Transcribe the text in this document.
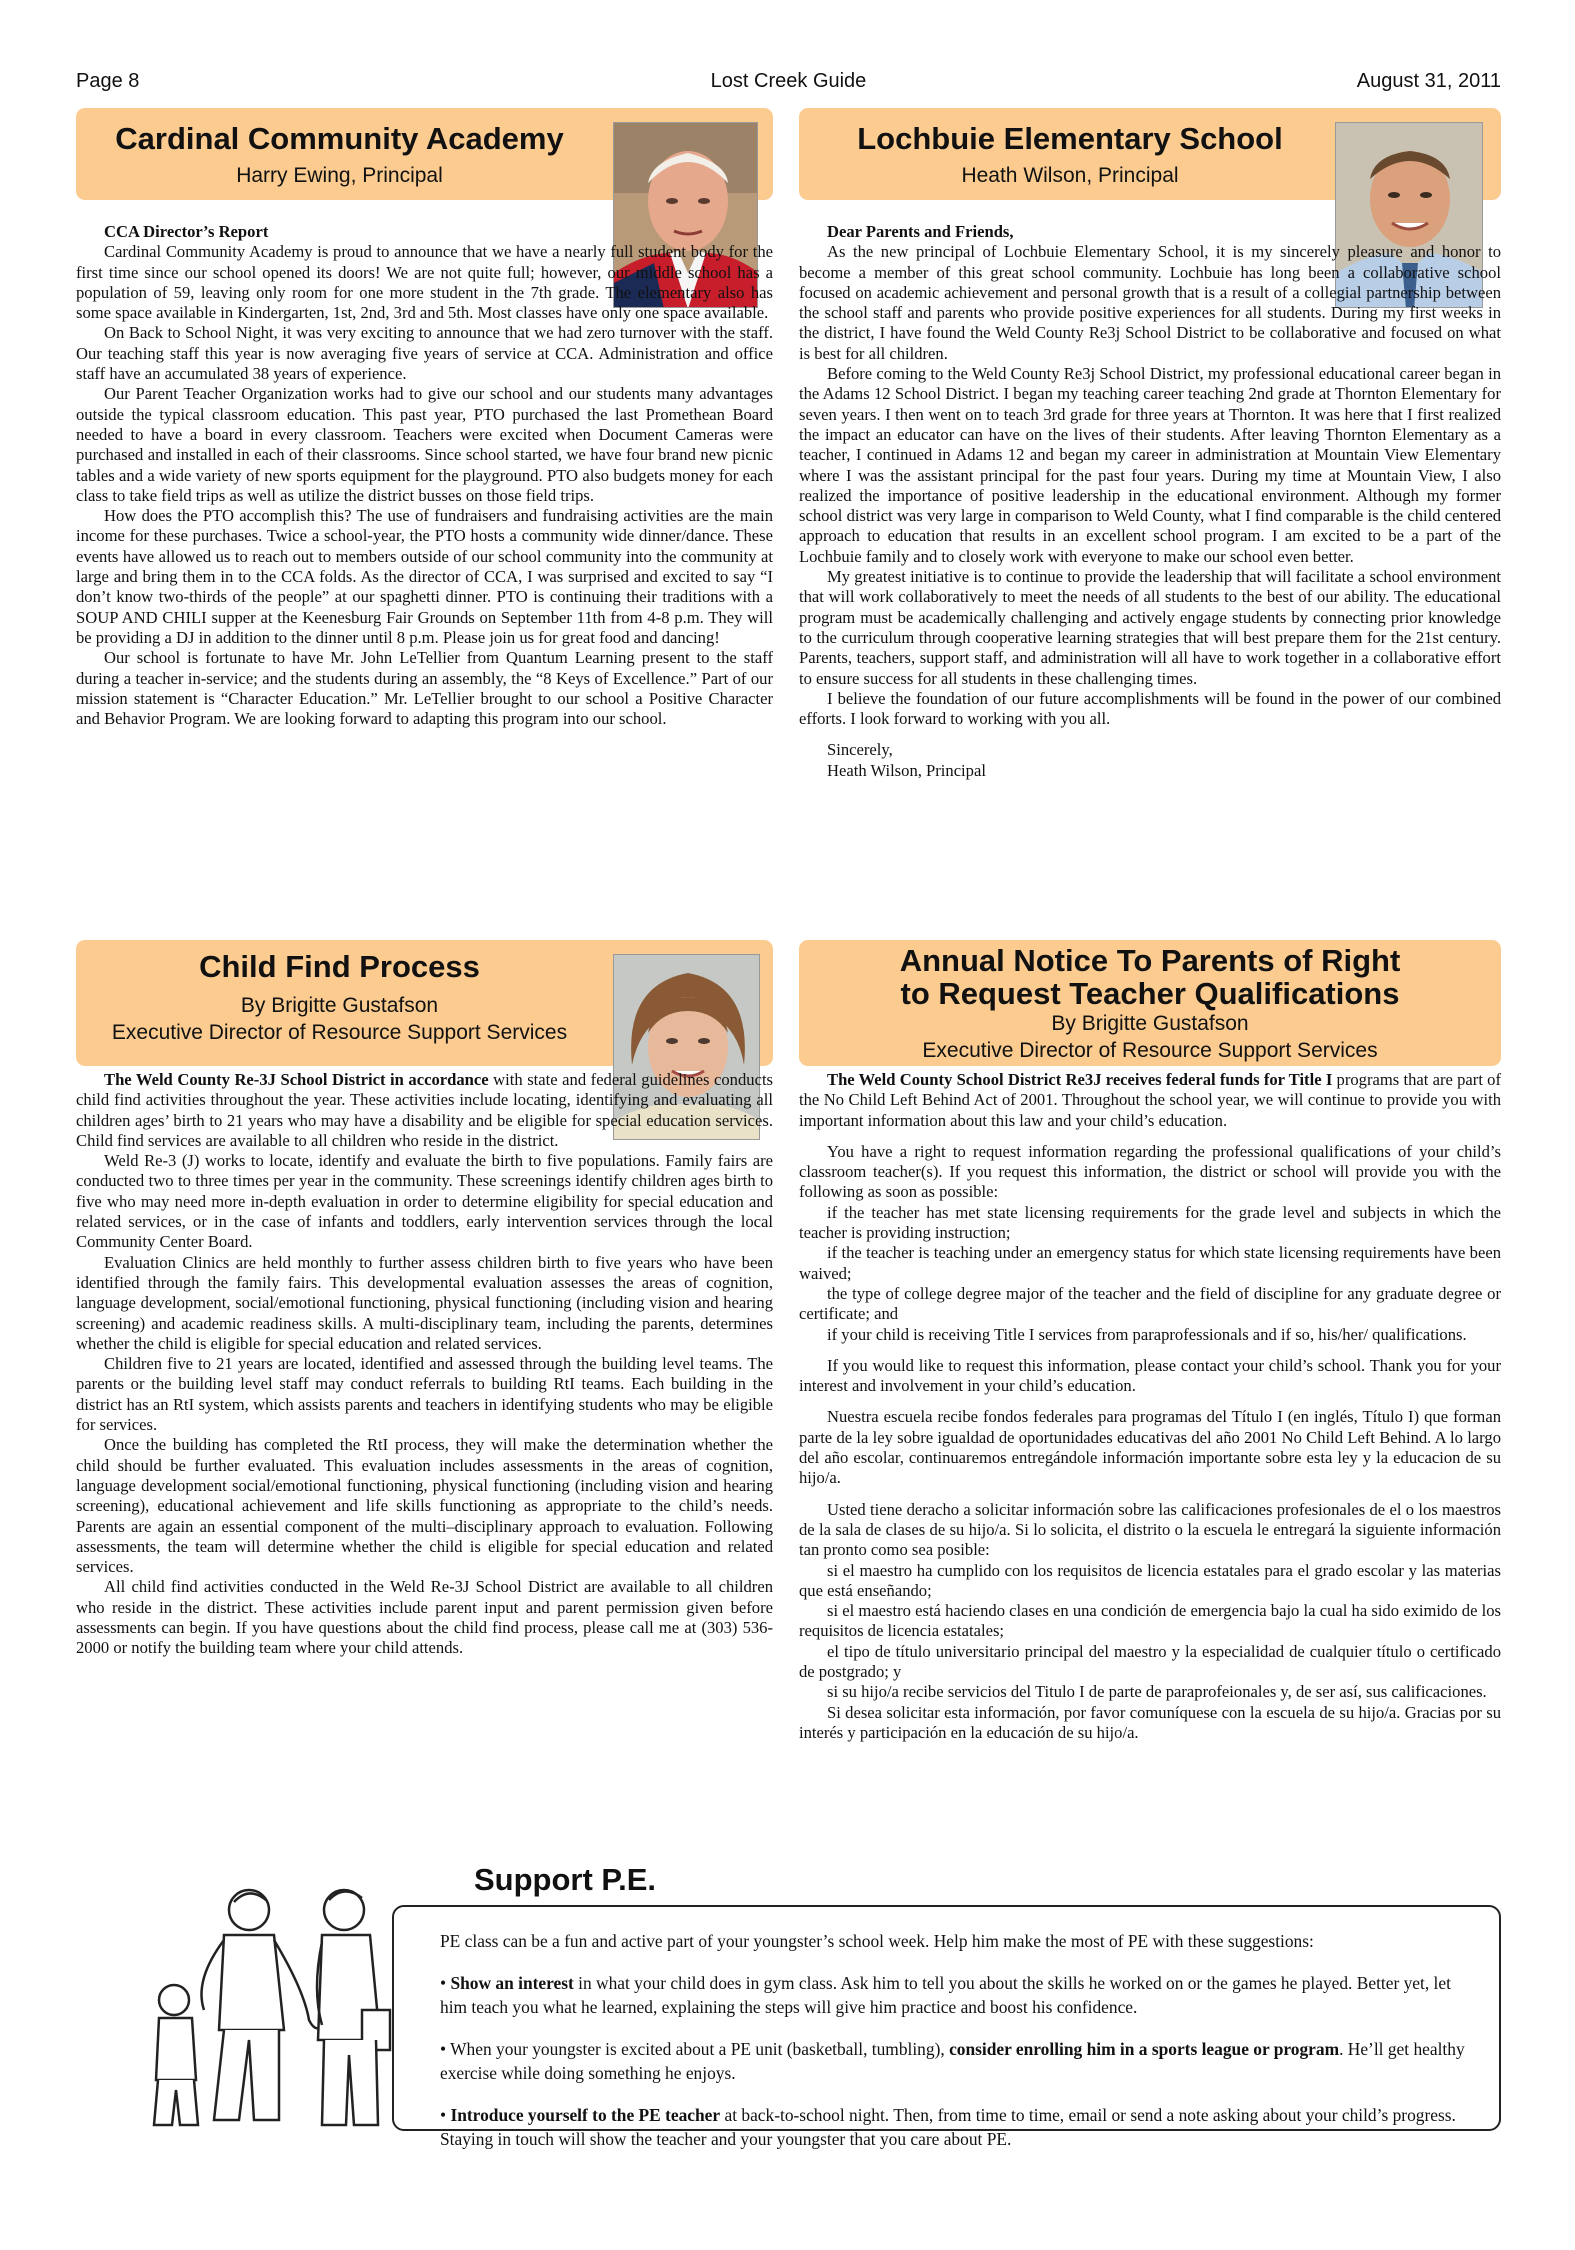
Page 8	Lost Creek Guide	August 31, 2011
Cardinal Community Academy
Harry Ewing, Principal

CCA Director’s Report

Cardinal Community Academy is proud to announce that we have a nearly full student body for the first time since our school opened its doors! We are not quite full; however, our middle school has a population of 59, leaving only room for one more student in the 7th grade. The elementary also has some space available in Kindergarten, 1st, 2nd, 3rd and 5th. Most classes have only one space available.

On Back to School Night, it was very exciting to announce that we had zero turnover with the staff. Our teaching staff this year is now averaging five years of service at CCA. Administration and office staff have an accumulated 38 years of experience.

Our Parent Teacher Organization works had to give our school and our students many advantages outside the typical classroom education. This past year, PTO purchased the last Promethean Board needed to have a board in every classroom. Teachers were excited when Document Cameras were purchased and installed in each of their classrooms. Since school started, we have four brand new picnic tables and a wide variety of new sports equipment for the playground. PTO also budgets money for each class to take field trips as well as utilize the district busses on those field trips.

How does the PTO accomplish this? The use of fundraisers and fundraising activities are the main income for these purchases. Twice a school-year, the PTO hosts a community wide dinner/dance. These events have allowed us to reach out to members outside of our school community into the community at large and bring them in to the CCA folds. As the director of CCA, I was surprised and excited to say “I don’t know two-thirds of the people” at our spaghetti dinner. PTO is continuing their traditions with a SOUP AND CHILI supper at the Keenesburg Fair Grounds on September 11th from 4-8 p.m. They will be providing a DJ in addition to the dinner until 8 p.m. Please join us for great food and dancing!

Our school is fortunate to have Mr. John LeTellier from Quantum Learning present to the staff during a teacher in-service; and the students during an assembly, the “8 Keys of Excellence.” Part of our mission statement is “Character Education.” Mr. LeTellier brought to our school a Positive Character and Behavior Program. We are looking forward to adapting this program into our school.

Lochbuie Elementary School
Heath Wilson, Principal

Dear Parents and Friends,

As the new principal of Lochbuie Elementary School, it is my sincerely pleasure and honor to become a member of this great school community. Lochbuie has long been a collaborative school focused on academic achievement and personal growth that is a result of a collegial partnership between the school staff and parents who provide positive experiences for all students. During my first weeks in the district, I have found the Weld County Re3j School District to be collaborative and focused on what is best for all children.

Before coming to the Weld County Re3j School District, my professional educational career began in the Adams 12 School District. I began my teaching career teaching 2nd grade at Thornton Elementary for seven years. I then went on to teach 3rd grade for three years at Thornton. It was here that I first realized the impact an educator can have on the lives of their students. After leaving Thornton Elementary as a teacher, I continued in Adams 12 and began my career in administration at Mountain View Elementary where I was the assistant principal for the past four years. During my time at Mountain View, I also realized the importance of positive leadership in the educational environment. Although my former school district was very large in comparison to Weld County, what I find comparable is the child centered approach to education that results in an excellent school program. I am excited to be a part of the Lochbuie family and to closely work with everyone to make our school even better.

My greatest initiative is to continue to provide the leadership that will facilitate a school environment that will work collaboratively to meet the needs of all students to the best of our ability. The educational program must be academically challenging and actively engage students by connecting prior knowledge to the curriculum through cooperative learning strategies that will best prepare them for the 21st century. Parents, teachers, support staff, and administration will all have to work together in a collaborative effort to ensure success for all students in these challenging times.

I believe the foundation of our future accomplishments will be found in the power of our combined efforts. I look forward to working with you all.

Sincerely,

Heath Wilson, Principal

Child Find Process
By Brigitte Gustafson
Executive Director of Resource Support Services

The Weld County Re-3J School District in accordance with state and federal guidelines conducts child find activities throughout the year. These activities include locating, identifying and evaluating all children ages’ birth to 21 years who may have a disability and be eligible for special education services. Child find services are available to all children who reside in the district.

Weld Re-3 (J) works to locate, identify and evaluate the birth to five populations. Family fairs are conducted two to three times per year in the community. These screenings identify children ages birth to five who may need more in-depth evaluation in order to determine eligibility for special education and related services, or in the case of infants and toddlers, early intervention services through the local Community Center Board.

Evaluation Clinics are held monthly to further assess children birth to five years who have been identified through the family fairs. This developmental evaluation assesses the areas of cognition, language development, social/emotional functioning, physical functioning (including vision and hearing screening) and academic readiness skills. A multi-disciplinary team, including the parents, determines whether the child is eligible for special education and related services.

Children five to 21 years are located, identified and assessed through the building level teams. The parents or the building level staff may conduct referrals to building RtI teams. Each building in the district has an RtI system, which assists parents and teachers in identifying students who may be eligible for services.

Once the building has completed the RtI process, they will make the determination whether the child should be further evaluated. This evaluation includes assessments in the areas of cognition, language development social/emotional functioning, physical functioning (including vision and hearing screening), educational achievement and life skills functioning as appropriate to the child’s needs. Parents are again an essential component of the multi–disciplinary approach to evaluation. Following assessments, the team will determine whether the child is eligible for special education and related services.

All child find activities conducted in the Weld Re-3J School District are available to all children who reside in the district. These activities include parent input and parent permission given before assessments can begin. If you have questions about the child find process, please call me at (303) 536-2000 or notify the building team where your child attends.

Annual Notice To Parents of Right
to Request Teacher Qualifications
By Brigitte Gustafson
Executive Director of Resource Support Services

The Weld County School District Re3J receives federal funds for Title I programs that are part of the No Child Left Behind Act of 2001. Throughout the school year, we will continue to provide you with important information about this law and your child’s education.

You have a right to request information regarding the professional qualifications of your child’s classroom teacher(s). If you request this information, the district or school will provide you with the following as soon as possible:

if the teacher has met state licensing requirements for the grade level and subjects in which the teacher is providing instruction;

if the teacher is teaching under an emergency status for which state licensing requirements have been waived;

the type of college degree major of the teacher and the field of discipline for any graduate degree or certificate; and

if your child is receiving Title I services from paraprofessionals and if so, his/her/ qualifications.

If you would like to request this information, please contact your child’s school. Thank you for your interest and involvement in your child’s education.

Nuestra escuela recibe fondos federales para programas del Título I (en inglés, Título I) que forman parte de la ley sobre igualdad de oportunidades educativas del año 2001 No Child Left Behind. A lo largo del año escolar, continuaremos entregándole información importante sobre esta ley y la educacion de su hijo/a.

Usted tiene deracho a solicitar información sobre las calificaciones profesionales de el o los maestros de la sala de clases de su hijo/a. Si lo solicita, el distrito o la escuela le entregará la siguiente información tan pronto como sea posible:

si el maestro ha cumplido con los requisitos de licencia estatales para el grado escolar y las materias que está enseñando;

si el maestro está haciendo clases en una condición de emergencia bajo la cual ha sido eximido de los requisitos de licencia estatales;

el tipo de título universitario principal del maestro y la especialidad de cualquier título o certificado de postgrado; y

si su hijo/a recibe servicios del Titulo I de parte de paraprofeionales y, de ser así, sus calificaciones.

Si desea solicitar esta información, por favor comuníquese con la escuela de su hijo/a. Gracias por su interés y participación en la educación de su hijo/a.

Support P.E.

PE class can be a fun and active part of your youngster’s school week. Help him make the most of PE with these suggestions:

• Show an interest in what your child does in gym class. Ask him to tell you about the skills he worked on or the games he played. Better yet, let him teach you what he learned, explaining the steps will give him practice and boost his confidence.

• When your youngster is excited about a PE unit (basketball, tumbling), consider enrolling him in a sports league or program. He’ll get healthy exercise while doing something he enjoys.

• Introduce yourself to the PE teacher at back-to-school night. Then, from time to time, email or send a note asking about your child’s progress. Staying in touch will show the teacher and your youngster that you care about PE.
